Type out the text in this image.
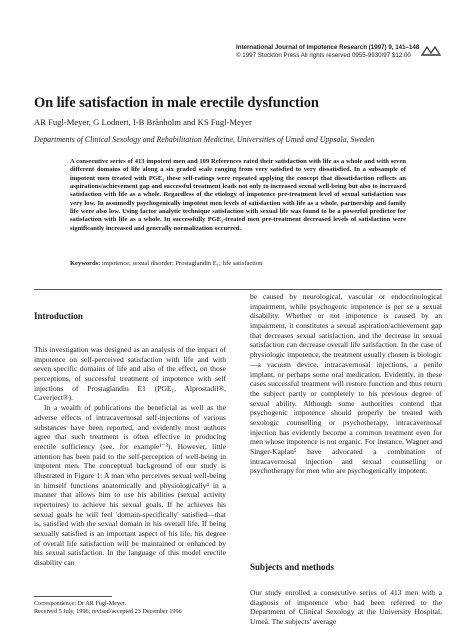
International Journal of Impotence Research (1997) 9, 141–148
© 1997 Stockton Press All rights reserved 0955-9930/97 $12.00
On life satisfaction in male erectile dysfunction
AR Fugl-Meyer, G Lodnert, I-B Brånholm and KS Fugl-Meyer
Departments of Clinical Sexology and Rehabilitation Medicine, Universities of Umeå and Uppsala, Sweden

A consecutive series of 413 impotent men and 109 References rated their satisfaction with life as a whole and with seven different domains of life along a six graded scale ranging from very satisfied to very dissatisfied. In a subsample of impotent men treated with PGE₁ these self-ratings were repeated applying the concept that dissatisfaction reflects an aspirations/achievement gap and successful treatment leads not only to increased sexual well-being but also to increased satisfaction with life as a whole. Regardless of the etiology of impotence pre-treatment level of sexual satisfaction was very low. In assumedly psychogenically impotent men levels of satisfaction with life as a whole, partnership and family life were also low. Using factor analytic technique satisfaction with sexual life was found to be a powerful predictor for satisfaction with life as a whole. In successfully PGE₁-treated men pre-treatment decreased levels of satisfaction were significantly increased and generally normalization occurred.

Keywords: impotence; sexual disorder; Prostaglandin E₁; life satisfaction

Introduction

This investigation was designed as an analysis of the impact of impotence on self-perceived satisfaction with life and with seven specific domains of life and also of the effect, on those perceptions, of successful treatment of impotence with self injections of Prostaglandin E1 (PGE₁, Alprostadil®, Caverject®).

In a wealth of publications the beneficial as well as the adverse effects of intracavernosal self-injections of various substances have been reported, and evidently most authors agree that such treatment is often effective in producing erectile sufficiency (see, for example¹⁻³). However, little attention has been paid to the self-perception of well-being in impotent men. The conceptual background of our study is illustrated in Figure 1: A man who perceives sexual well-being in himself functions anatomically and physiologically⁴ in a manner that allows him to use his abilities (sexual activity repertoires) to achieve his sexual goals. If he achieves his sexual goals he will feel 'domain-specifically' satisfied—that is, satisfied with the sexual domain in his overall life. If being sexually satisfied is an important aspect of his life, his degree of overall life satisfaction will be maintained or enhanced by his sexual satisfaction. In the language of this model erectile disability can

be caused by neurological, vascular or endocrinological impairment, while psychogenic impotence is per se a sexual disability. Whether or not impotence is caused by an impairment, it constitutes a sexual aspiration/achievement gap that decreases sexual satisfaction, and the decrease in sexual satisfaction can decrease overall life satisfaction. In the case of physiologic impotence, the treatment usually chosen is biologic—a vacuum device, intracavernosal injections, a penile implant, or perhaps some oral medication. Evidently, in these cases successful treatment will restore function and thus return the subject partly or completely to his previous degree of sexual ability. Although some authorities contend that psychogenic impotence should properly be treated with sexologic counselling or psychotherapy, intracavernosal injection has evidently become a common treatment even for men whose impotence is not organic. For instance, Wagner and Singer-Kaplan⁵ have advocated a combination of intracavernosal injection and sexual counselling or psychotherapy for men who are psychogenically impotent.

Subjects and methods

Our study enrolled a consecutive series of 413 men with a diagnosis of impotence who had been referred to the Department of Clinical Sexology at the University Hospital, Umeå. The subjects' average

Correspondence: Dr AR Fugl-Meyer.
Received 5 July, 1996; revised/accepted 23 December 1996
